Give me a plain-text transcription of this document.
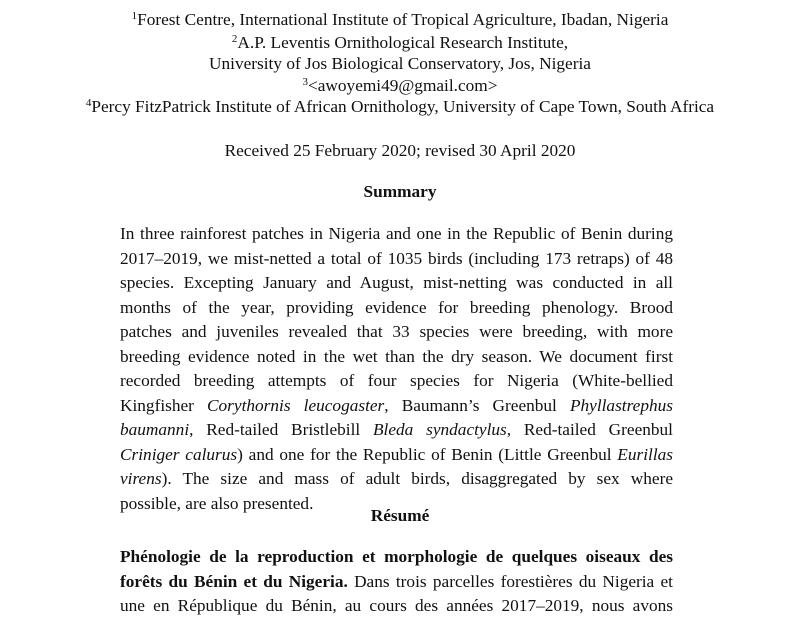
$^1$Forest Centre, International Institute of Tropical Agriculture, Ibadan, Nigeria
$^2$A.P. Leventis Ornithological Research Institute,
University of Jos Biological Conservatory, Jos, Nigeria
$^3$<awoyemi49@gmail.com>
$^4$Percy FitzPatrick Institute of African Ornithology, University of Cape Town, South Africa
Received 25 February 2020; revised 30 April 2020
Summary
In three rainforest patches in Nigeria and one in the Republic of Benin during
2017–2019, we mist-netted a total of 1035 birds (including 173 retraps) of 48
species. Excepting January and August, mist-netting was conducted in all
months of the year, providing evidence for breeding phenology. Brood
patches and juveniles revealed that 33 species were breeding, with more
breeding evidence noted in the wet than the dry season. We document first
recorded breeding attempts of four species for Nigeria (White-bellied
Kingfisher Corythornis leucogaster, Baumann’s Greenbul Phyllastrephus
baumanni, Red-tailed Bristlebill Bleda syndactylus, Red-tailed Greenbul
Criniger calurus) and one for the Republic of Benin (Little Greenbul Eurillas
virens). The size and mass of adult birds, disaggregated by sex where
possible, are also presented.
Résumé
Phénologie de la reproduction et morphologie de quelques oiseaux des
forêts du Bénin et du Nigeria. Dans trois parcelles forestières du Nigeria et
une en République du Bénin, au cours des années 2017–2019, nous avons
